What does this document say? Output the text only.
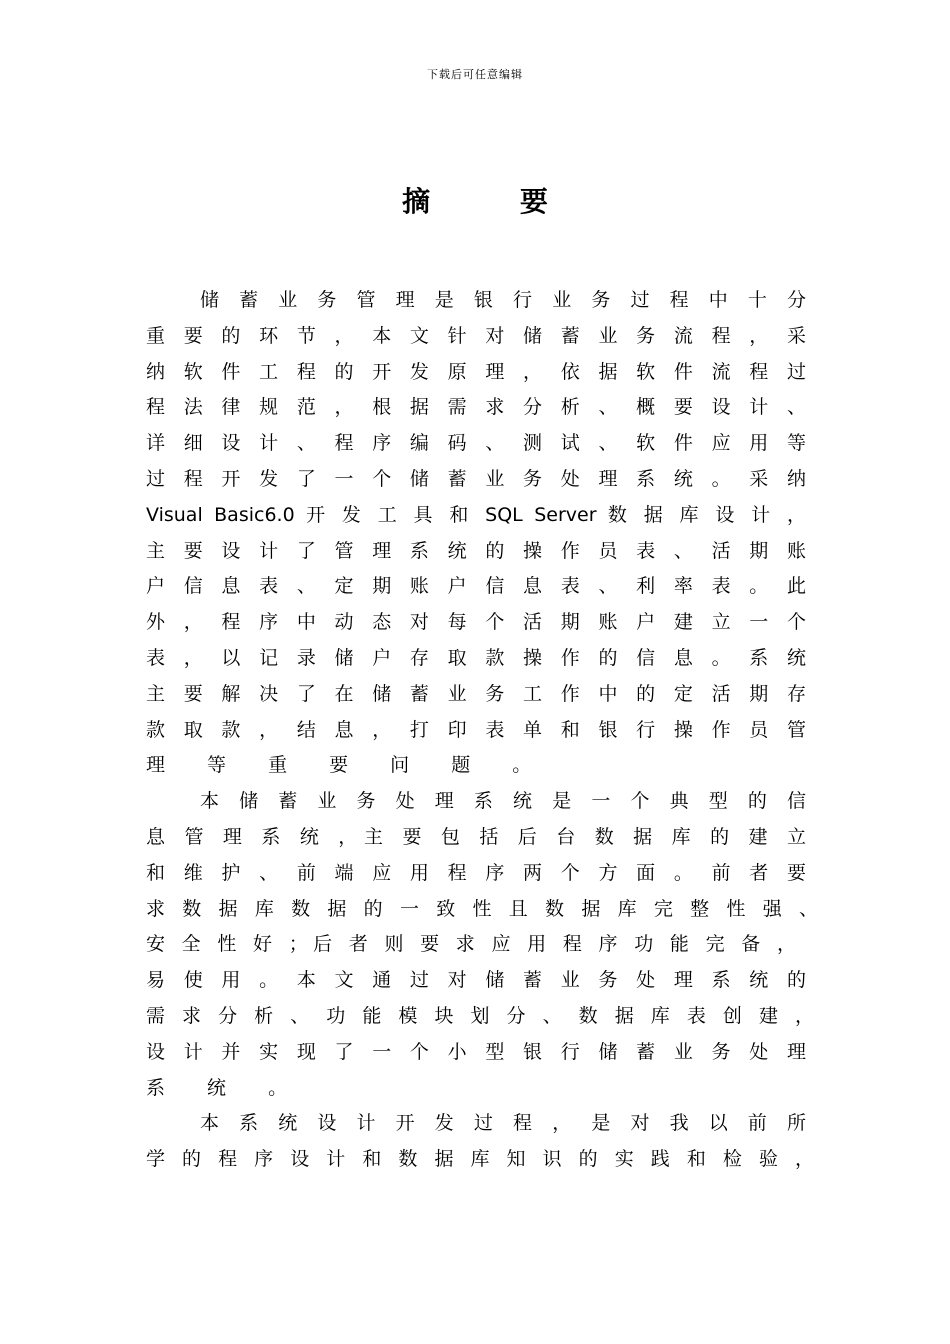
下载后可任意编辑
摘 要
储 蓄 业 务 管 理 是 银 行 业 务 过 程 中 十 分
重 要 的 环 节 ， 本 文 针 对 储 蓄 业 务 流 程 ， 采
纳 软 件 工 程 的 开 发 原 理 ， 依 据 软 件 流 程 过
程 法 律 规 范 ， 根 据 需 求 分 析 、 概 要 设 计 、
详 细 设 计 、 程 序 编 码 、 测 试 、 软 件 应 用 等
过 程 开 发 了 一 个 储 蓄 业 务 处 理 系 统 。 采 纳
Visual Basic6.0 开 发 工 具 和 SQL Server 数 据 库 设 计 ，
主 要 设 计 了 管 理 系 统 的 操 作 员 表 、 活 期 账
户 信 息 表 、 定 期 账 户 信 息 表 、 利 率 表 。 此
外 ， 程 序 中 动 态 对 每 个 活 期 账 户 建 立 一 个
表 ， 以 记 录 储 户 存 取 款 操 作 的 信 息 。 系 统
主 要 解 决 了 在 储 蓄 业 务 工 作 中 的 定 活 期 存
款 取 款 ， 结 息 ， 打 印 表 单 和 银 行 操 作 员 管
理 等 重 要 问 题 。
本 储 蓄 业 务 处 理 系 统 是 一 个 典 型 的 信
息 管 理 系 统 ，主 要 包 括 后 台 数 据 库 的 建 立
和 维 护 、 前 端 应 用 程 序 两 个 方 面 。 前 者 要
求 数 据 库 数 据 的 一 致 性 且 数 据 库 完 整 性 强 、
安 全 性 好 ；后 者 则 要 求 应 用 程 序 功 能 完 备 ，
易 使 用 。 本 文 通 过 对 储 蓄 业 务 处 理 系 统 的
需 求 分 析 、 功 能 模 块 划 分 、 数 据 库 表 创 建 ，
设 计 并 实 现 了 一 个 小 型 银 行 储 蓄 业 务 处 理
系 统 。
本 系 统 设 计 开 发 过 程 ， 是 对 我 以 前 所
学 的 程 序 设 计 和 数 据 库 知 识 的 实 践 和 检 验 ，
